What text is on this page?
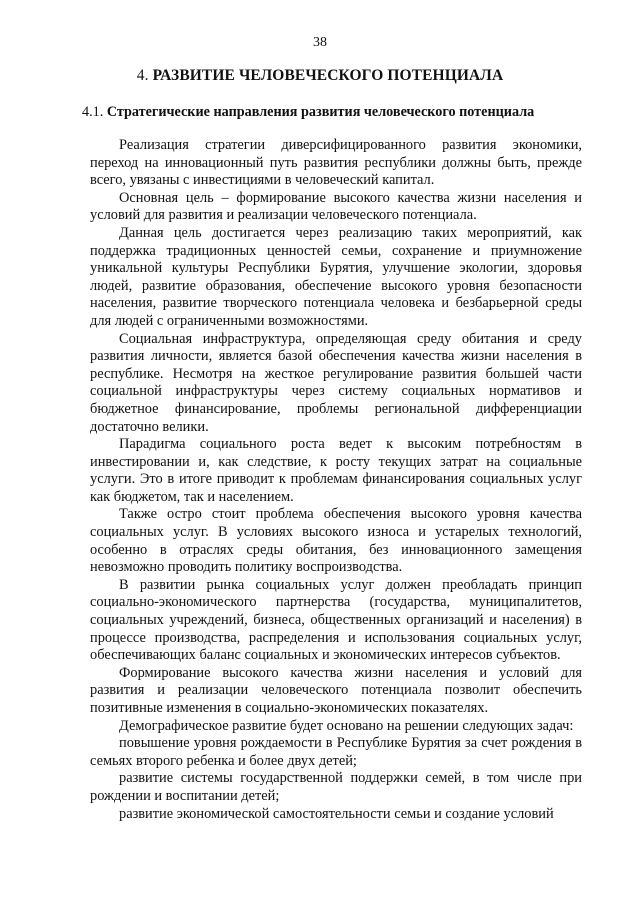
38
4. РАЗВИТИЕ ЧЕЛОВЕЧЕСКОГО ПОТЕНЦИАЛА
4.1. Стратегические направления развития человеческого потенциала

Реализация стратегии диверсифицированного развития экономики, переход на инновационный путь развития республики должны быть, прежде всего, увязаны с инвестициями в человеческий капитал.

Основная цель – формирование высокого качества жизни населения и условий для развития и реализации человеческого потенциала.

Данная цель достигается через реализацию таких мероприятий, как поддержка традиционных ценностей семьи, сохранение и приумножение уникальной культуры Республики Бурятия, улучшение экологии, здоровья людей, развитие образования, обеспечение высокого уровня безопасности населения, развитие творческого потенциала человека и безбарьерной среды для людей с ограниченными возможностями.

Социальная инфраструктура, определяющая среду обитания и среду развития личности, является базой обеспечения качества жизни населения в республике. Несмотря на жесткое регулирование развития большей части социальной инфраструктуры через систему социальных нормативов и бюджетное финансирование, проблемы региональной дифференциации достаточно велики.

Парадигма социального роста ведет к высоким потребностям в инвестировании и, как следствие, к росту текущих затрат на социальные услуги. Это в итоге приводит к проблемам финансирования социальных услуг как бюджетом, так и населением.

Также остро стоит проблема обеспечения высокого уровня качества социальных услуг. В условиях высокого износа и устарелых технологий, особенно в отраслях среды обитания, без инновационного замещения невозможно проводить политику воспроизводства.

В развитии рынка социальных услуг должен преобладать принцип социально-экономического партнерства (государства, муниципалитетов, социальных учреждений, бизнеса, общественных организаций и населения) в процессе производства, распределения и использования социальных услуг, обеспечивающих баланс социальных и экономических интересов субъектов.

Формирование высокого качества жизни населения и условий для развития и реализации человеческого потенциала позволит обеспечить позитивные изменения в социально-экономических показателях.

Демографическое развитие будет основано на решении следующих задач:

повышение уровня рождаемости в Республике Бурятия за счет рождения в семьях второго ребенка и более двух детей;

развитие системы государственной поддержки семей, в том числе при рождении и воспитании детей;

развитие экономической самостоятельности семьи и создание условий
